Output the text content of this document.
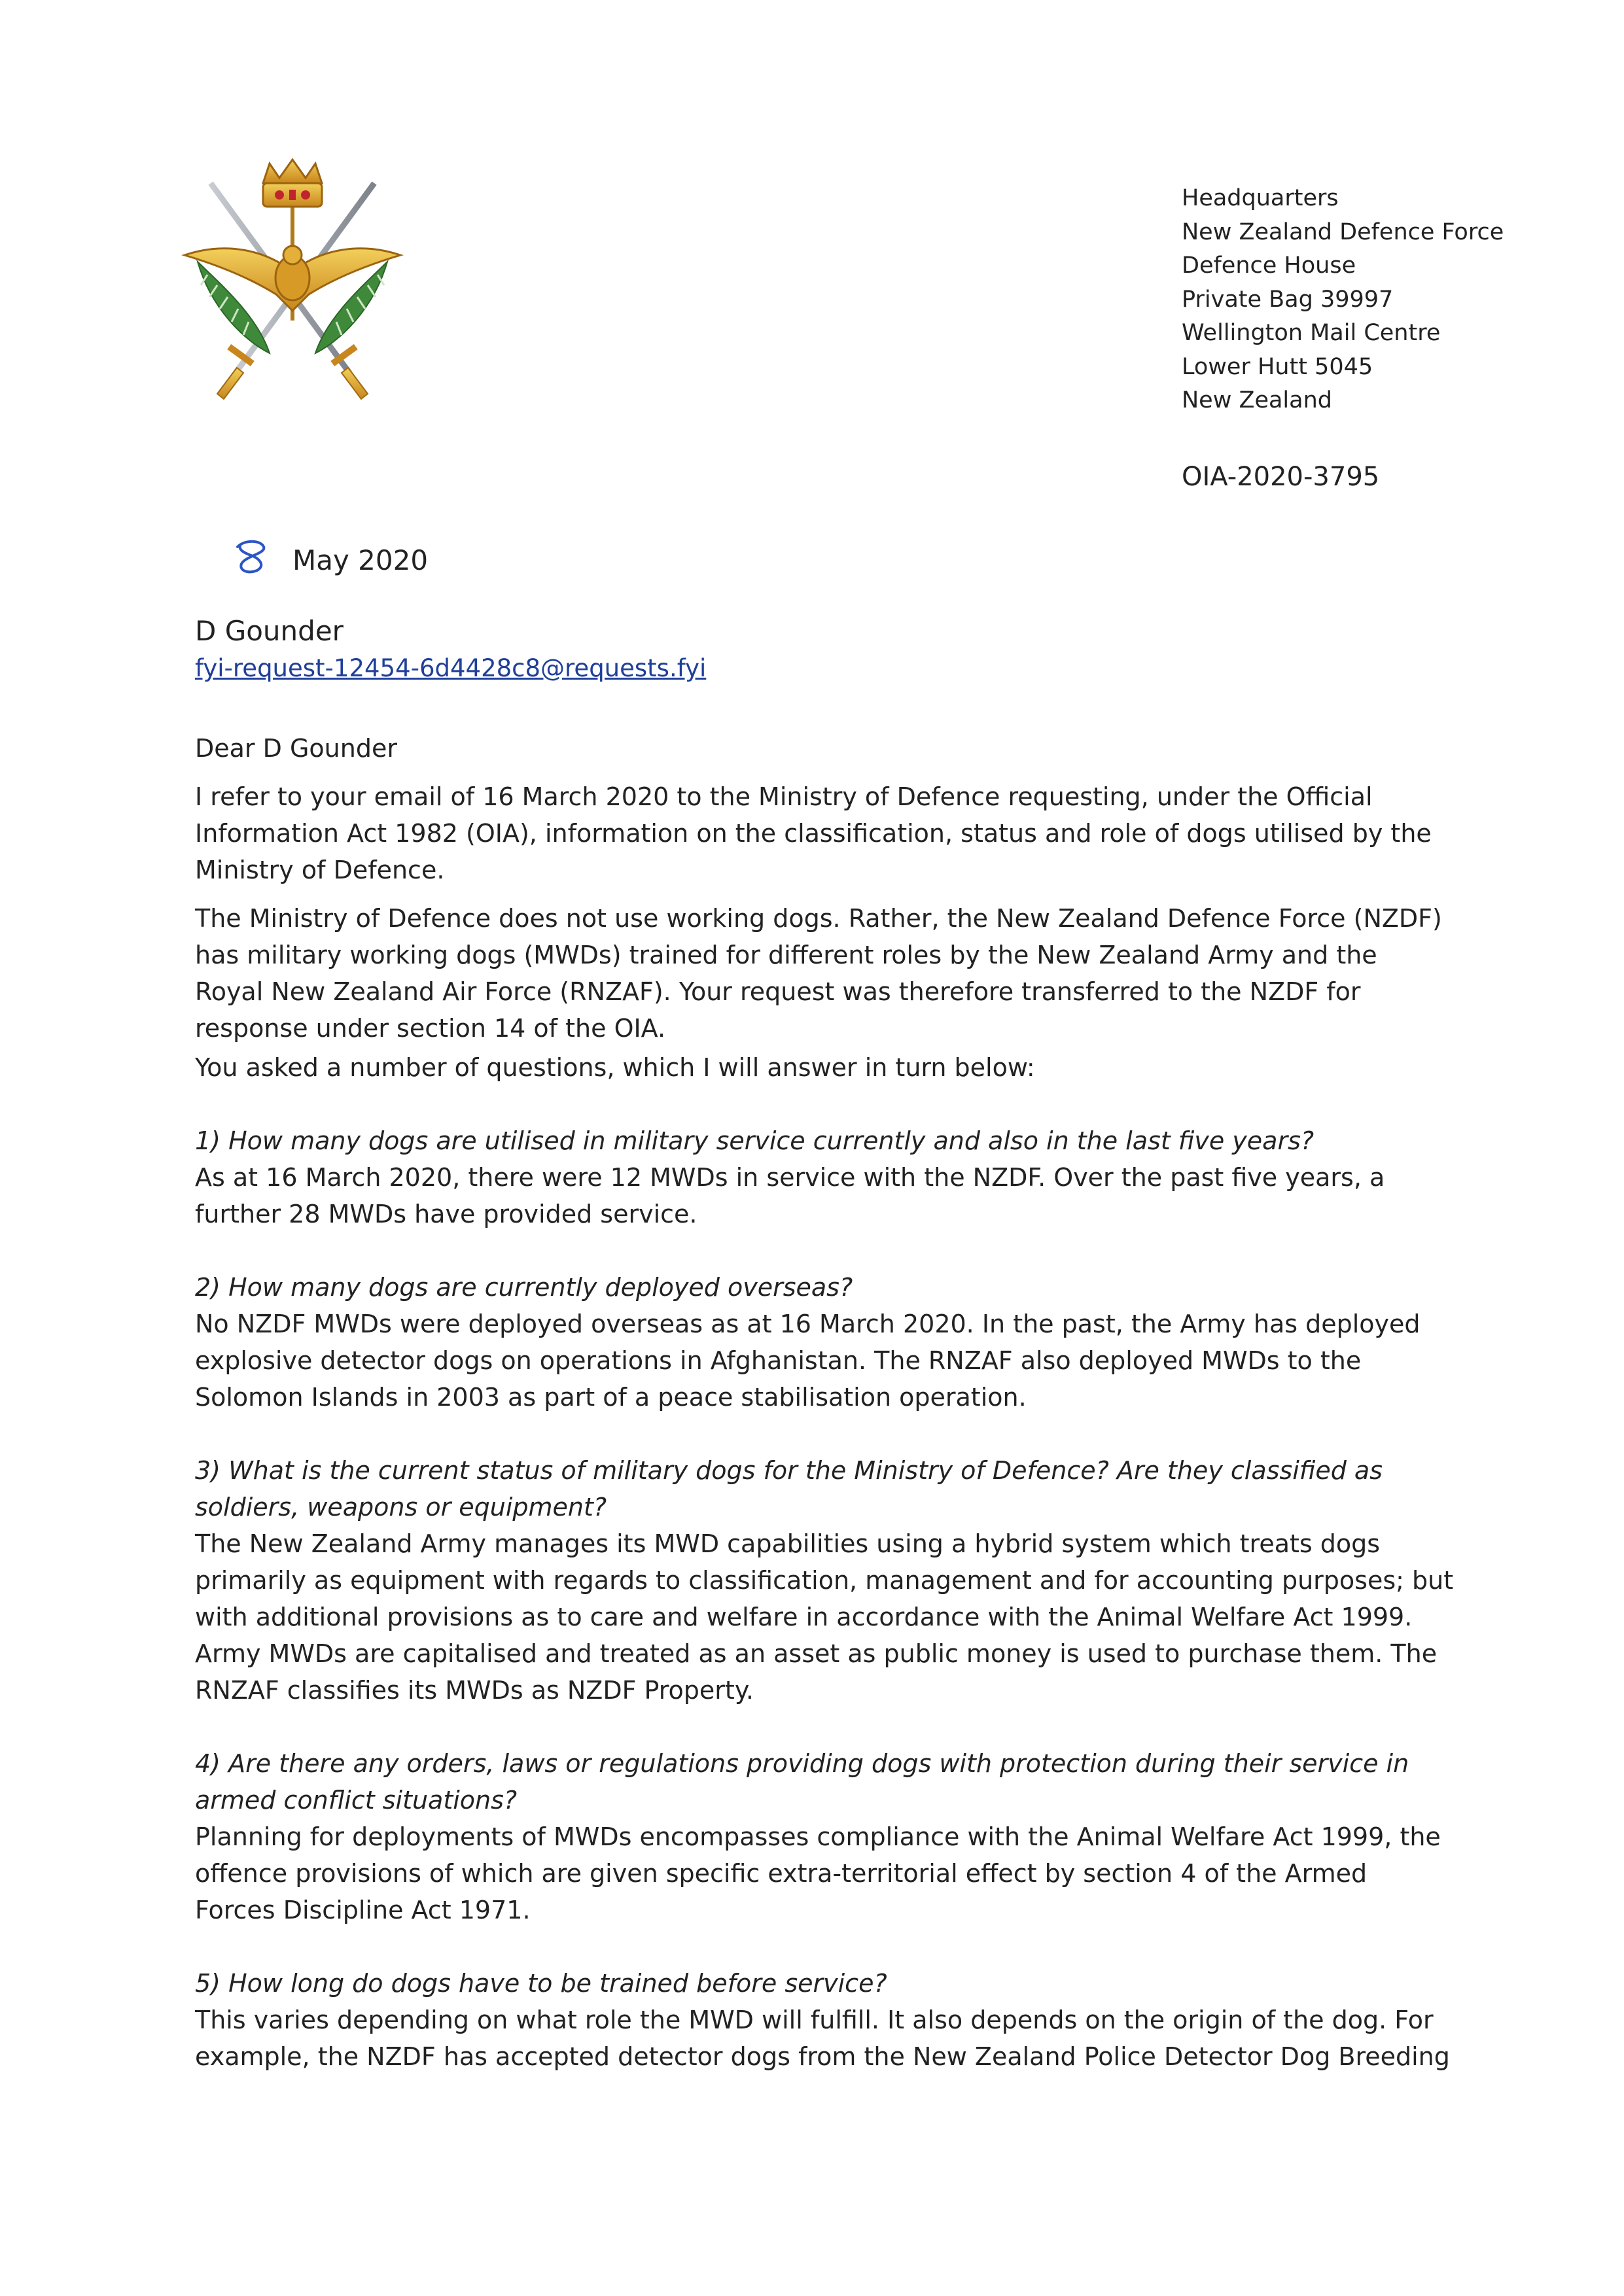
Headquarters
New Zealand Defence Force
Defence House
Private Bag 39997
Wellington Mail Centre
Lower Hutt 5045
New Zealand
OIA-2020-3795
May 2020
D Gounder
fyi-request-12454-6d4428c8@requests.fyi

Dear D Gounder

I refer to your email of 16 March 2020 to the Ministry of Defence requesting, under the Official
Information Act 1982 (OIA), information on the classification, status and role of dogs utilised by the
Ministry of Defence.

The Ministry of Defence does not use working dogs. Rather, the New Zealand Defence Force (NZDF)
has military working dogs (MWDs) trained for different roles by the New Zealand Army and the
Royal New Zealand Air Force (RNZAF). Your request was therefore transferred to the NZDF for
response under section 14 of the OIA.

You asked a number of questions, which I will answer in turn below:

1) How many dogs are utilised in military service currently and also in the last five years?

As at 16 March 2020, there were 12 MWDs in service with the NZDF. Over the past five years, a
further 28 MWDs have provided service.

2) How many dogs are currently deployed overseas?

No NZDF MWDs were deployed overseas as at 16 March 2020. In the past, the Army has deployed
explosive detector dogs on operations in Afghanistan. The RNZAF also deployed MWDs to the
Solomon Islands in 2003 as part of a peace stabilisation operation.

3) What is the current status of military dogs for the Ministry of Defence? Are they classified as
soldiers, weapons or equipment?

The New Zealand Army manages its MWD capabilities using a hybrid system which treats dogs
primarily as equipment with regards to classification, management and for accounting purposes; but
with additional provisions as to care and welfare in accordance with the Animal Welfare Act 1999.
Army MWDs are capitalised and treated as an asset as public money is used to purchase them. The
RNZAF classifies its MWDs as NZDF Property.

4) Are there any orders, laws or regulations providing dogs with protection during their service in
armed conflict situations?

Planning for deployments of MWDs encompasses compliance with the Animal Welfare Act 1999, the
offence provisions of which are given specific extra-territorial effect by section 4 of the Armed
Forces Discipline Act 1971.

5) How long do dogs have to be trained before service?

This varies depending on what role the MWD will fulfill. It also depends on the origin of the dog. For
example, the NZDF has accepted detector dogs from the New Zealand Police Detector Dog Breeding
